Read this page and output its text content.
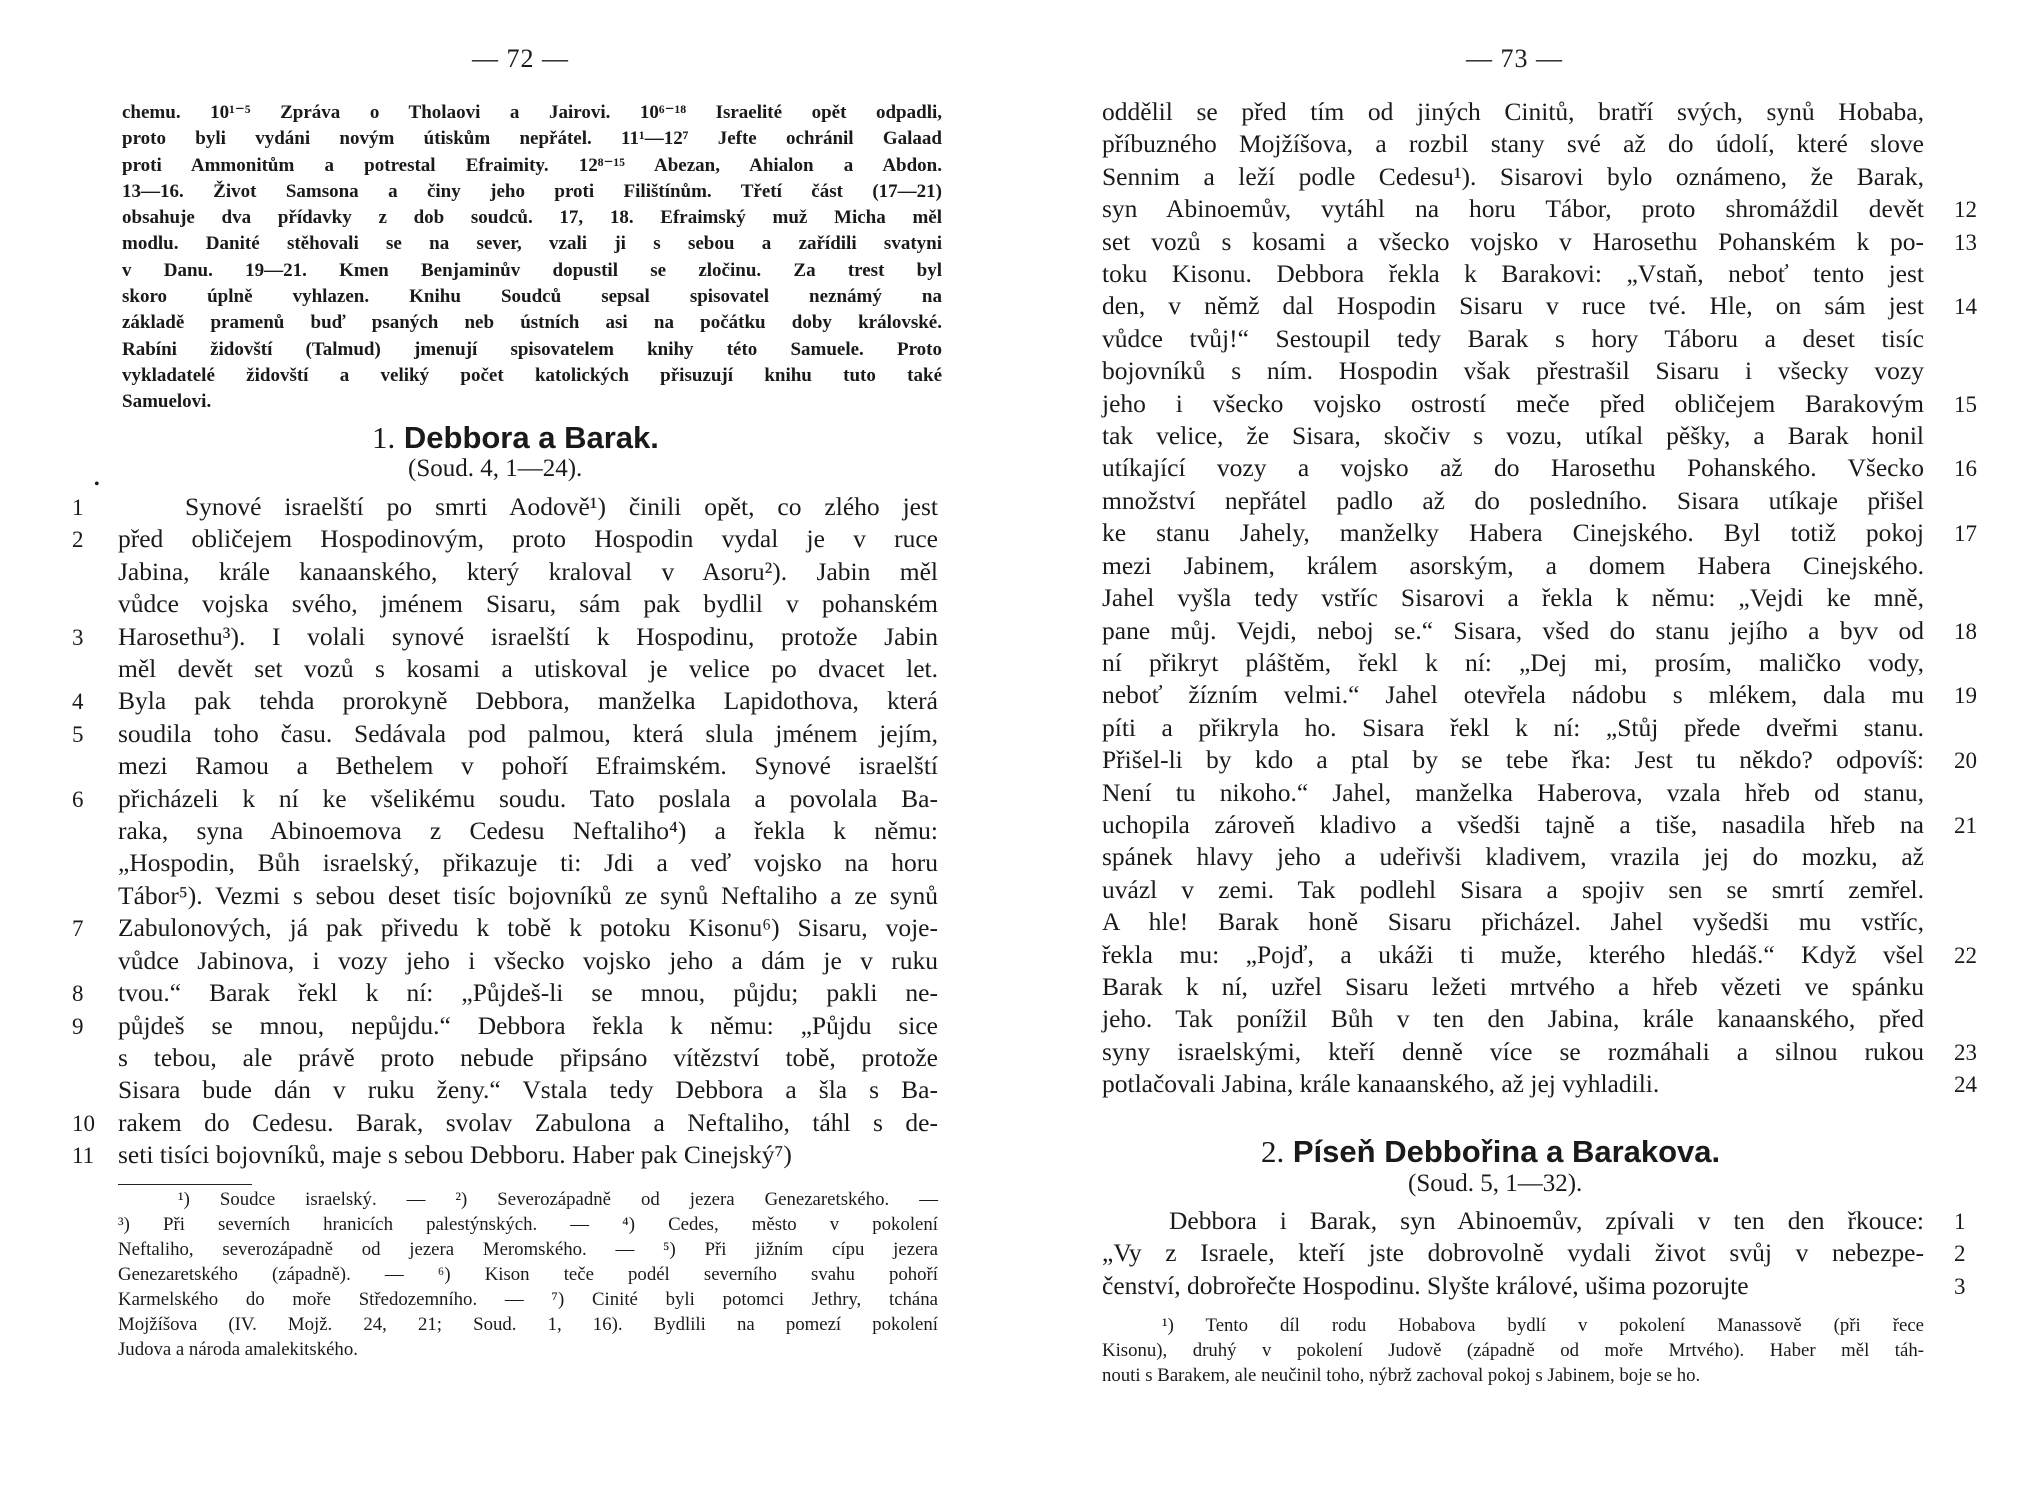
— 72 —

chemu. 10¹⁻⁵ Zpráva o Tholaovi a Jairovi. 10⁶⁻¹⁸ Israelité opět odpadli,

proto byli vydáni novým útiskům nepřátel. 11¹—12⁷ Jefte ochránil Galaad

proti Ammonitům a potrestal Efraimity. 12⁸⁻¹⁵ Abezan, Ahialon a Abdon.

13—16. Život Samsona a činy jeho proti Filištínům. Třetí část (17—21)

obsahuje dva přídavky z dob soudců. 17, 18. Efraimský muž Micha měl

modlu. Danité stěhovali se na sever, vzali ji s sebou a zařídili svatyni

v Danu. 19—21. Kmen Benjaminův dopustil se zločinu. Za trest byl

skoro úplně vyhlazen. Knihu Soudců sepsal spisovatel neznámý na

základě pramenů buď psaných neb ústních asi na počátku doby královské.

Rabíni židovští (Talmud) jmenují spisovatelem knihy této Samuele. Proto

vykladatelé židovští a veliký počet katolických přisuzují knihu tuto také

Samuelovi.

•
1. Debbora a Barak.
(Soud. 4, 1—24).
Synové israelští po smrti Aodově¹) činili opět, co zlého jest
1
před obličejem Hospodinovým, proto Hospodin vydal je v ruce
2
Jabina, krále kanaanského, který kraloval v Asoru²). Jabin měl
vůdce vojska svého, jménem Sisaru, sám pak bydlil v pohanském
Harosethu³). I volali synové israelští k Hospodinu, protože Jabin
3
měl devět set vozů s kosami a utiskoval je velice po dvacet let.
Byla pak tehda prorokyně Debbora, manželka Lapidothova, která
4
soudila toho času. Sedávala pod palmou, která slula jménem jejím,
5
mezi Ramou a Bethelem v pohoří Efraimském. Synové israelští
přicházeli k ní ke všelikému soudu. Tato poslala a povolala Ba-
6
raka, syna Abinoemova z Cedesu Neftaliho⁴) a řekla k němu:
„Hospodin, Bůh israelský, přikazuje ti: Jdi a veď vojsko na horu
Tábor⁵). Vezmi s sebou deset tisíc bojovníků ze synů Neftaliho a ze synů
Zabulonových, já pak přivedu k tobě k potoku Kisonu⁶) Sisaru, voje-
7
vůdce Jabinova, i vozy jeho i všecko vojsko jeho a dám je v ruku
tvou.“ Barak řekl k ní: „Půjdeš-li se mnou, půjdu; pakli ne-
8
půjdeš se mnou, nepůjdu.“ Debbora řekla k němu: „Půjdu sice
9
s tebou, ale právě proto nebude připsáno vítězství tobě, protože
Sisara bude dán v ruku ženy.“ Vstala tedy Debbora a šla s Ba-
rakem do Cedesu. Barak, svolav Zabulona a Neftaliho, táhl s de-
10
seti tisíci bojovníků, maje s sebou Debboru. Haber pak Cinejský⁷)
11

¹) Soudce israelský. — ²) Severozápadně od jezera Genezaretského. —

³) Při severních hranicích palestýnských. — ⁴) Cedes, město v pokolení

Neftaliho, severozápadně od jezera Meromského. — ⁵) Při jižním cípu jezera

Genezaretského (západně). — ⁶) Kison teče podél severního svahu pohoří

Karmelského do moře Středozemního. — ⁷) Cinité byli potomci Jethry, tchána

Mojžíšova (IV. Mojž. 24, 21; Soud. 1, 16). Bydlili na pomezí pokolení

Judova a národa amalekitského.

— 73 —
oddělil se před tím od jiných Cinitů, bratří svých, synů Hobaba,
příbuzného Mojžíšova, a rozbil stany své až do údolí, které slove
Sennim a leží podle Cedesu¹). Sisarovi bylo oznámeno, že Barak,
syn Abinoemův, vytáhl na horu Tábor, proto shromáždil devět 12
set vozů s kosami a všecko vojsko v Harosethu Pohanském k po- 13
toku Kisonu. Debbora řekla k Barakovi: „Vstaň, neboť tento jest
den, v němž dal Hospodin Sisaru v ruce tvé. Hle, on sám jest 14
vůdce tvůj!“ Sestoupil tedy Barak s hory Táboru a deset tisíc
bojovníků s ním. Hospodin však přestrašil Sisaru i všecky vozy
jeho i všecko vojsko ostrostí meče před obličejem Barakovým 15
tak velice, že Sisara, skočiv s vozu, utíkal pěšky, a Barak honil
utíkající vozy a vojsko až do Harosethu Pohanského. Všecko 16
množství nepřátel padlo až do posledního. Sisara utíkaje přišel
ke stanu Jahely, manželky Habera Cinejského. Byl totiž pokoj 17
mezi Jabinem, králem asorským, a domem Habera Cinejského.
Jahel vyšla tedy vstříc Sisarovi a řekla k němu: „Vejdi ke mně,
pane můj. Vejdi, neboj se.“ Sisara, všed do stanu jejího a byv od 18
ní přikryt pláštěm, řekl k ní: „Dej mi, prosím, maličko vody,
neboť žízním velmi.“ Jahel otevřela nádobu s mlékem, dala mu 19
píti a přikryla ho. Sisara řekl k ní: „Stůj přede dveřmi stanu.
Přišel-li by kdo a ptal by se tebe řka: Jest tu někdo? odpovíš: 20
Není tu nikoho.“ Jahel, manželka Haberova, vzala hřeb od stanu,
uchopila zároveň kladivo a všedši tajně a tiše, nasadila hřeb na 21
spánek hlavy jeho a udeřivši kladivem, vrazila jej do mozku, až
uvázl v zemi. Tak podlehl Sisara a spojiv sen se smrtí zemřel.
A hle! Barak honě Sisaru přicházel. Jahel vyšedši mu vstříc,
řekla mu: „Pojď, a ukáži ti muže, kterého hledáš.“ Když všel 22
Barak k ní, uzřel Sisaru ležeti mrtvého a hřeb vězeti ve spánku
jeho. Tak ponížil Bůh v ten den Jabina, krále kanaanského, před
syny israelskými, kteří denně více se rozmáhali a silnou rukou 23
potlačovali Jabina, krále kanaanského, až jej vyhladili.	24
2. Píseň Debbořina a Barakova.
(Soud. 5, 1—32).
Debbora i Barak, syn Abinoemův, zpívali v ten den řkouce: 1
„Vy z Israele, kteří jste dobrovolně vydali život svůj v nebezpe- 2
čenství, dobrořečte Hospodinu. Slyšte králové, ušima pozorujte	3

¹) Tento díl rodu Hobabova bydlí v pokolení Manassově (při řece

Kisonu), druhý v pokolení Judově (západně od moře Mrtvého). Haber měl táh-

nouti s Barakem, ale neučinil toho, nýbrž zachoval pokoj s Jabinem, boje se ho.
